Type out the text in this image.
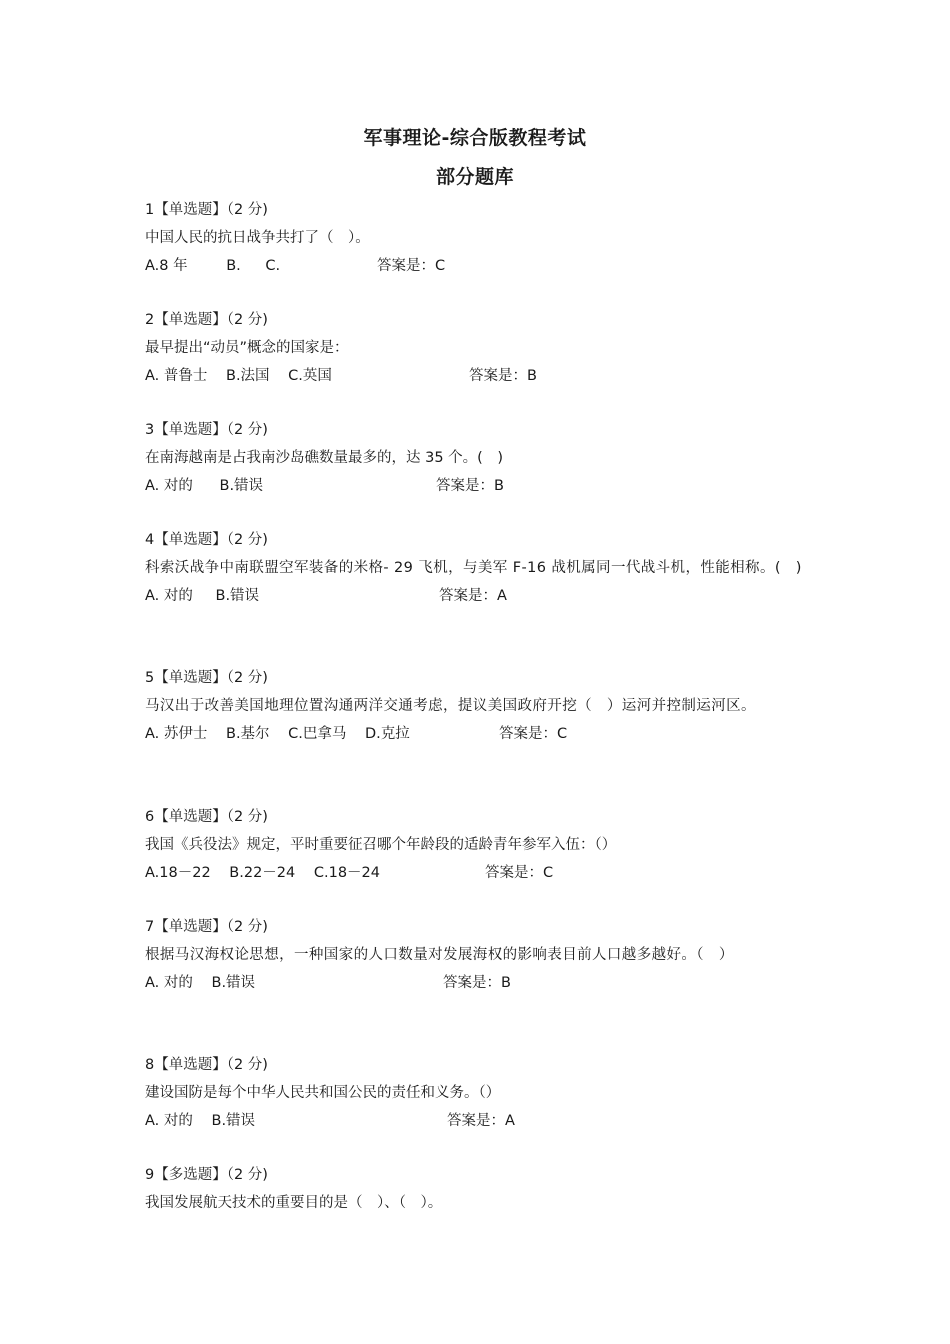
军事理论-综合版教程考试
部分题库
1【单选题】（2 分)
中国人民的抗日战争共打了（　）。
A.8 年	B. C.	答案是：C
2【单选题】（2 分)
最早提出“动员”概念的国家是：
A. 普鲁士 B.法国 C.英国	答案是：B
3【单选题】（2 分)
在南海越南是占我南沙岛礁数量最多的，达 35 个。(　)
A. 对的 B.错误	答案是：B
4【单选题】（2 分)
科索沃战争中南联盟空军装备的米格- 29 飞机，与美军 F-16 战机属同一代战斗机，性能相称。(　)
A. 对的 B.错误	答案是：A
5【单选题】（2 分)
马汉出于改善美国地理位置沟通两洋交通考虑，提议美国政府开挖（　）运河并控制运河区。
A. 苏伊士 B.基尔 C.巴拿马 D.克拉	答案是：C
6【单选题】（2 分)
我国《兵役法》规定，平时重要征召哪个年龄段的适龄青年参军入伍：（）
A.18－22 B.22－24 C.18－24	答案是：C
7【单选题】（2 分)
根据马汉海权论思想，一种国家的人口数量对发展海权的影响表目前人口越多越好。（　）
A. 对的 B.错误	答案是：B
8【单选题】（2 分)
建设国防是每个中华人民共和国公民的责任和义务。（）
A. 对的 B.错误	答案是：A
9【多选题】（2 分)
我国发展航天技术的重要目的是（　）、（　）。
